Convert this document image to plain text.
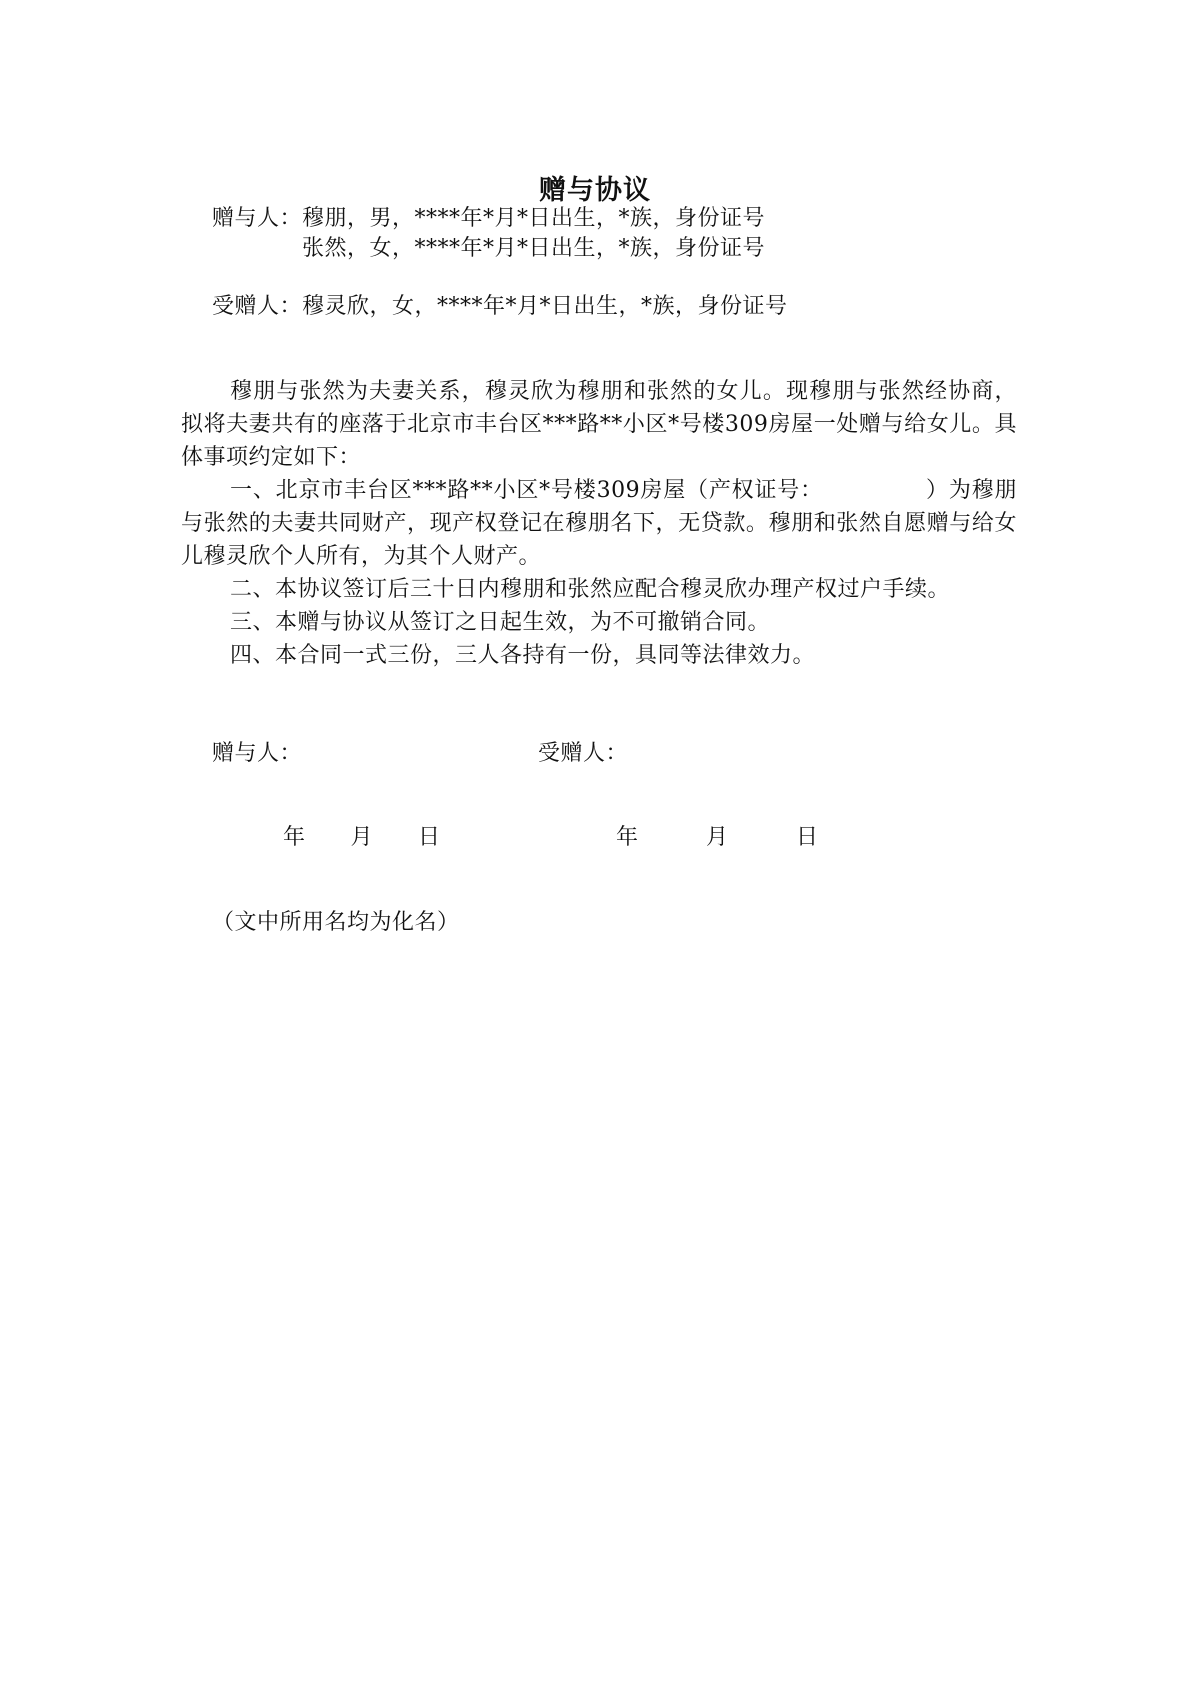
赠与协议
赠与人：穆朋，男，****年*月*日出生，*族，身份证号
张然，女，****年*月*日出生，*族，身份证号
受赠人：穆灵欣，女，****年*月*日出生，*族，身份证号
穆朋与张然为夫妻关系，穆灵欣为穆朋和张然的女儿。现穆朋与张然经协商，拟将夫妻共有的座落于北京市丰台区***路**小区*号楼309房屋一处赠与给女儿。具体事项约定如下：
一、北京市丰台区***路**小区*号楼309房屋（产权证号：　　　　　）为穆朋与张然的夫妻共同财产，现产权登记在穆朋名下，无贷款。穆朋和张然自愿赠与给女儿穆灵欣个人所有，为其个人财产。
二、本协议签订后三十日内穆朋和张然应配合穆灵欣办理产权过户手续。
三、本赠与协议从签订之日起生效，为不可撤销合同。
四、本合同一式三份，三人各持有一份，具同等法律效力。
赠与人：	受赠人：
年　　月　　日	年　　　月　　　日
（文中所用名均为化名）
